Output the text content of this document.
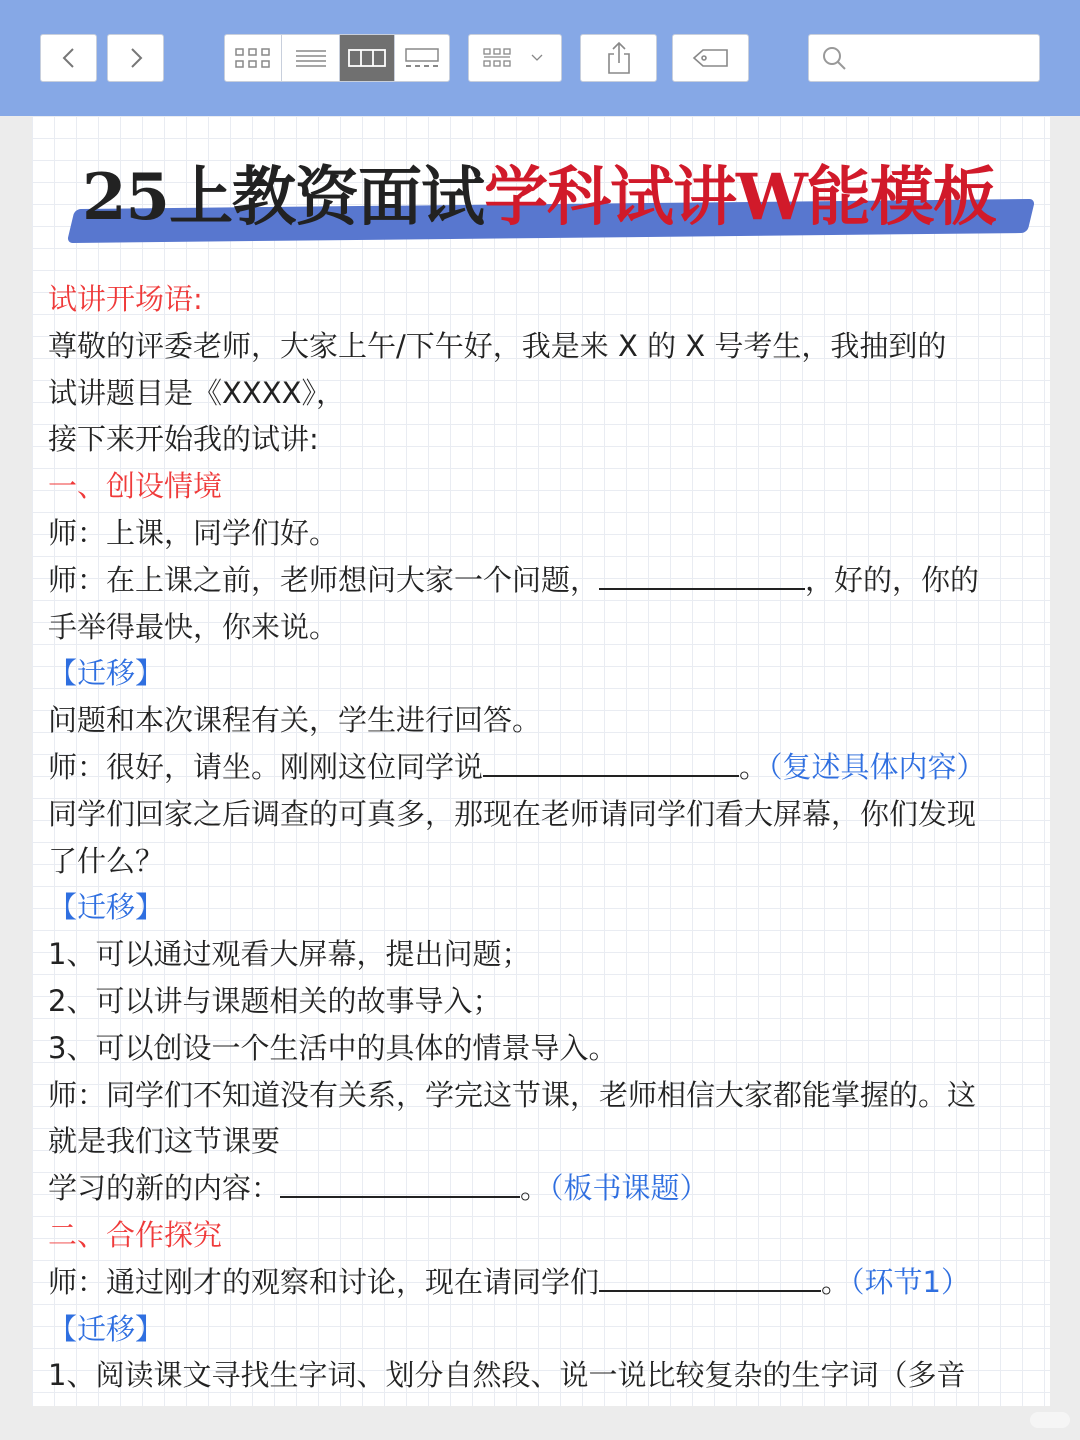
25上教资面试学科试讲W能模板
试讲开场语:
尊敬的评委老师，大家上午/下午好，我是来 X 的 X 号考生，我抽到的
试讲题目是《XXXX》，
接下来开始我的试讲:
一、创设情境
师：上课，同学们好。
师：在上课之前，老师想问大家一个问题，	，好的，你的
手举得最快，你来说。
【迁移】
问题和本次课程有关，学生进行回答。
师：很好，请坐。刚刚这位同学说	。（复述具体内容）
同学们回家之后调查的可真多，那现在老师请同学们看大屏幕，你们发现
了什么？
【迁移】
1、可以通过观看大屏幕，提出问题；
2、可以讲与课题相关的故事导入；
3、可以创设一个生活中的具体的情景导入。
师：同学们不知道没有关系，学完这节课，老师相信大家都能掌握的。这
就是我们这节课要
学习的新的内容：	。（板书课题）
二、合作探究
师：通过刚才的观察和讨论，现在请同学们	。（环节1）
【迁移】
1、阅读课文寻找生字词、划分自然段、说一说比较复杂的生字词（多音
